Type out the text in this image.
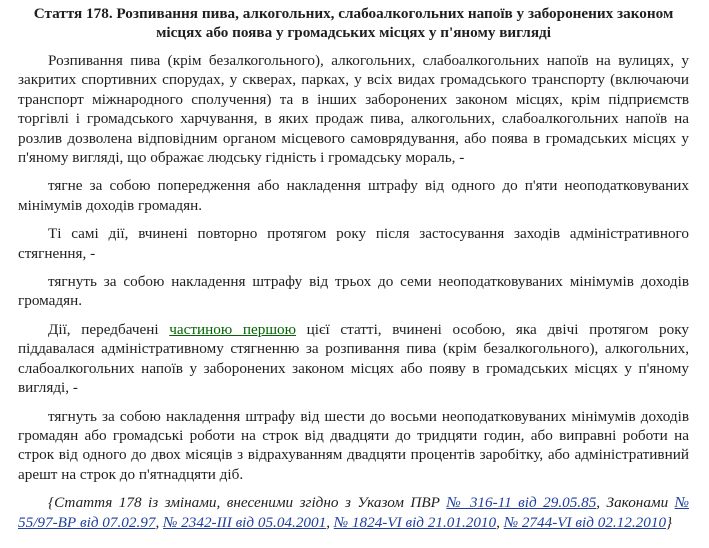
Стаття 178. Розпивання пива, алкогольних, слабоалкогольних напоїв у заборонених законом місцях або поява у громадських місцях у п'яному вигляді

Розпивання пива (крім безалкогольного), алкогольних, слабоалкогольних напоїв на вулицях, у закритих спортивних спорудах, у скверах, парках, у всіх видах громадського транспорту (включаючи транспорт міжнародного сполучення) та в інших заборонених законом місцях, крім підприємств торгівлі і громадського харчування, в яких продаж пива, алкогольних, слабоалкогольних напоїв на розлив дозволена відповідним органом місцевого самоврядування, або поява в громадських місцях у п'яному вигляді, що ображає людську гідність і громадську мораль, -

тягне за собою попередження або накладення штрафу від одного до п'яти неоподатковуваних мінімумів доходів громадян.

Ті самі дії, вчинені повторно протягом року після застосування заходів адміністративного стягнення, -

тягнуть за собою накладення штрафу від трьох до семи неоподатковуваних мінімумів доходів громадян.

Дії, передбачені частиною першою цієї статті, вчинені особою, яка двічі протягом року піддавалася адміністративному стягненню за розпивання пива (крім безалкогольного), алкогольних, слабоалкогольних напоїв у заборонених законом місцях або появу в громадських місцях у п'яному вигляді, -

тягнуть за собою накладення штрафу від шести до восьми неоподатковуваних мінімумів доходів громадян або громадські роботи на строк від двадцяти до тридцяти годин, або виправні роботи на строк від одного до двох місяців з відрахуванням двадцяти процентів заробітку, або адміністративний арешт на строк до п'ятнадцяти діб.

{Стаття 178 із змінами, внесеними згідно з Указом ПВР № 316-11 від 29.05.85, Законами № 55/97-ВР від 07.02.97, № 2342-III від 05.04.2001, № 1824-VI від 21.01.2010, № 2744-VI від 02.12.2010}
